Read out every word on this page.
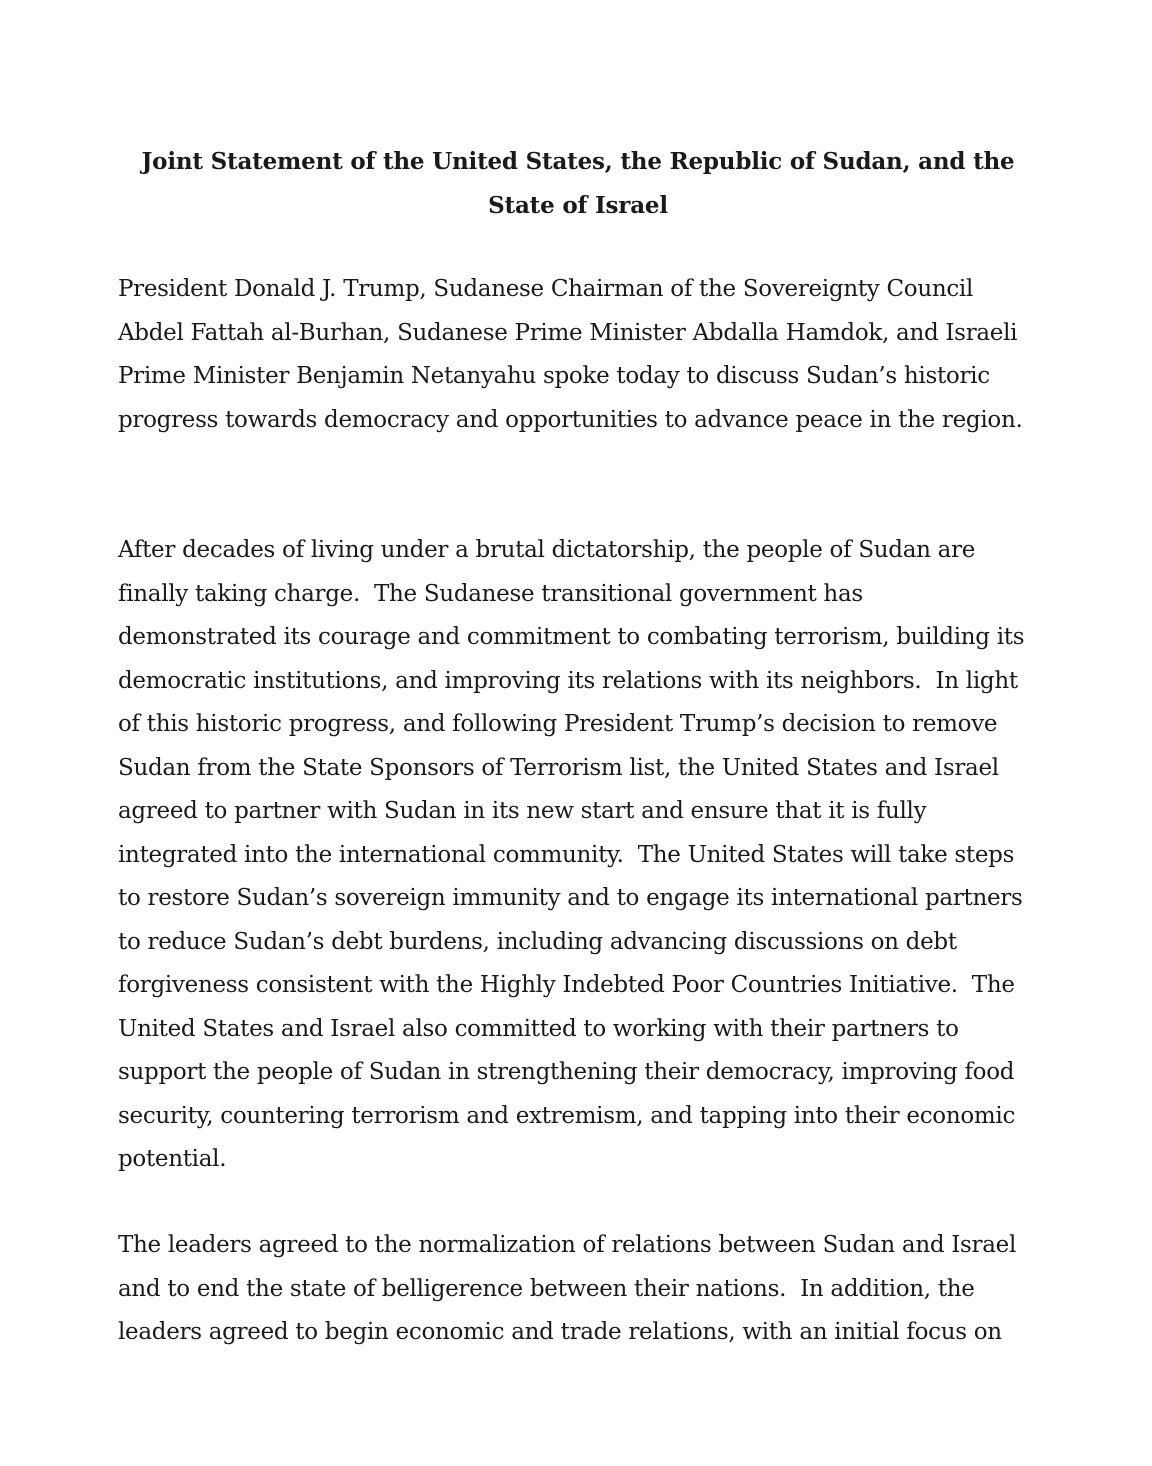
Joint Statement of the United States, the Republic of Sudan, and the State of Israel

President Donald J. Trump, Sudanese Chairman of the Sovereignty Council Abdel Fattah al-Burhan, Sudanese Prime Minister Abdalla Hamdok, and Israeli Prime Minister Benjamin Netanyahu spoke today to discuss Sudan’s historic progress towards democracy and opportunities to advance peace in the region.

After decades of living under a brutal dictatorship, the people of Sudan are finally taking charge.  The Sudanese transitional government has demonstrated its courage and commitment to combating terrorism, building its democratic institutions, and improving its relations with its neighbors.  In light of this historic progress, and following President Trump’s decision to remove Sudan from the State Sponsors of Terrorism list, the United States and Israel agreed to partner with Sudan in its new start and ensure that it is fully integrated into the international community.  The United States will take steps to restore Sudan’s sovereign immunity and to engage its international partners to reduce Sudan’s debt burdens, including advancing discussions on debt forgiveness consistent with the Highly Indebted Poor Countries Initiative.  The United States and Israel also committed to working with their partners to support the people of Sudan in strengthening their democracy, improving food security, countering terrorism and extremism, and tapping into their economic potential.

The leaders agreed to the normalization of relations between Sudan and Israel and to end the state of belligerence between their nations.  In addition, the leaders agreed to begin economic and trade relations, with an initial focus on
